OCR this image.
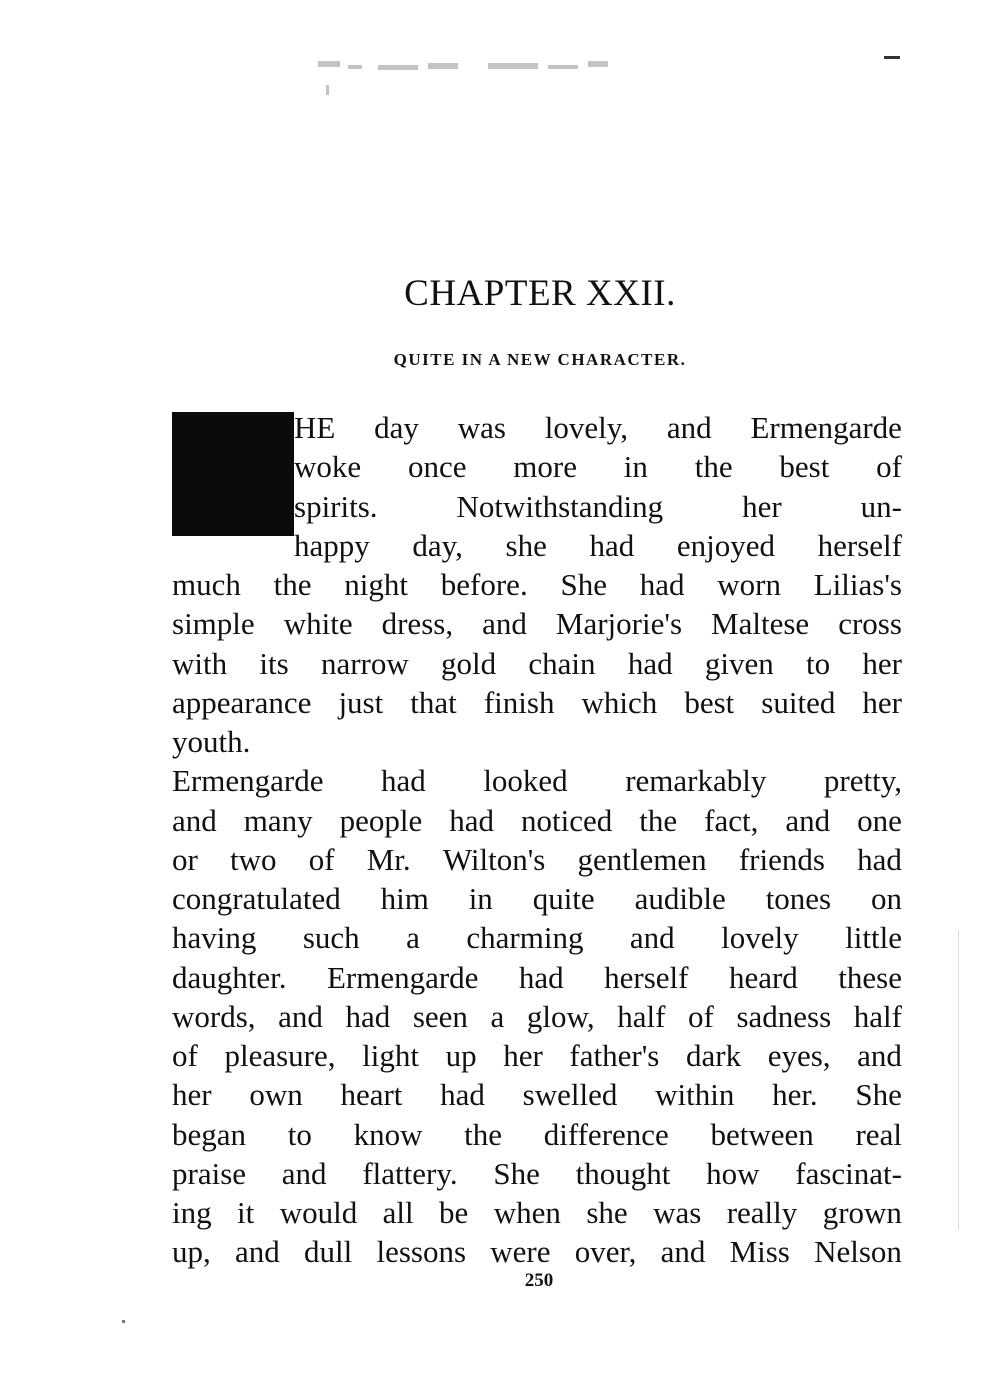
CHAPTER XXII.
QUITE IN A NEW CHARACTER.
T	HE day was lovely, and Ermengarde
woke once more in the best of
spirits.	Notwithstanding	her	un-
happy day, she had enjoyed herself
much the night before. She had worn Lilias's
simple white dress, and Marjorie's Maltese cross
with its narrow gold chain had given to her
appearance just that finish which best suited her
youth.
Ermengarde had looked remarkably pretty,
and many people had noticed the fact, and one
or two of Mr. Wilton's gentlemen friends had
congratulated him in quite audible tones on
having such a charming and lovely little
daughter. Ermengarde had herself heard these
words, and had seen a glow, half of sadness half
of pleasure, light up her father's dark eyes, and
her own heart had swelled within her. She
began to know the difference between real
praise and flattery. She thought how fascinat-
ing it would all be when she was really grown
up, and dull lessons were over, and Miss Nelson
250
